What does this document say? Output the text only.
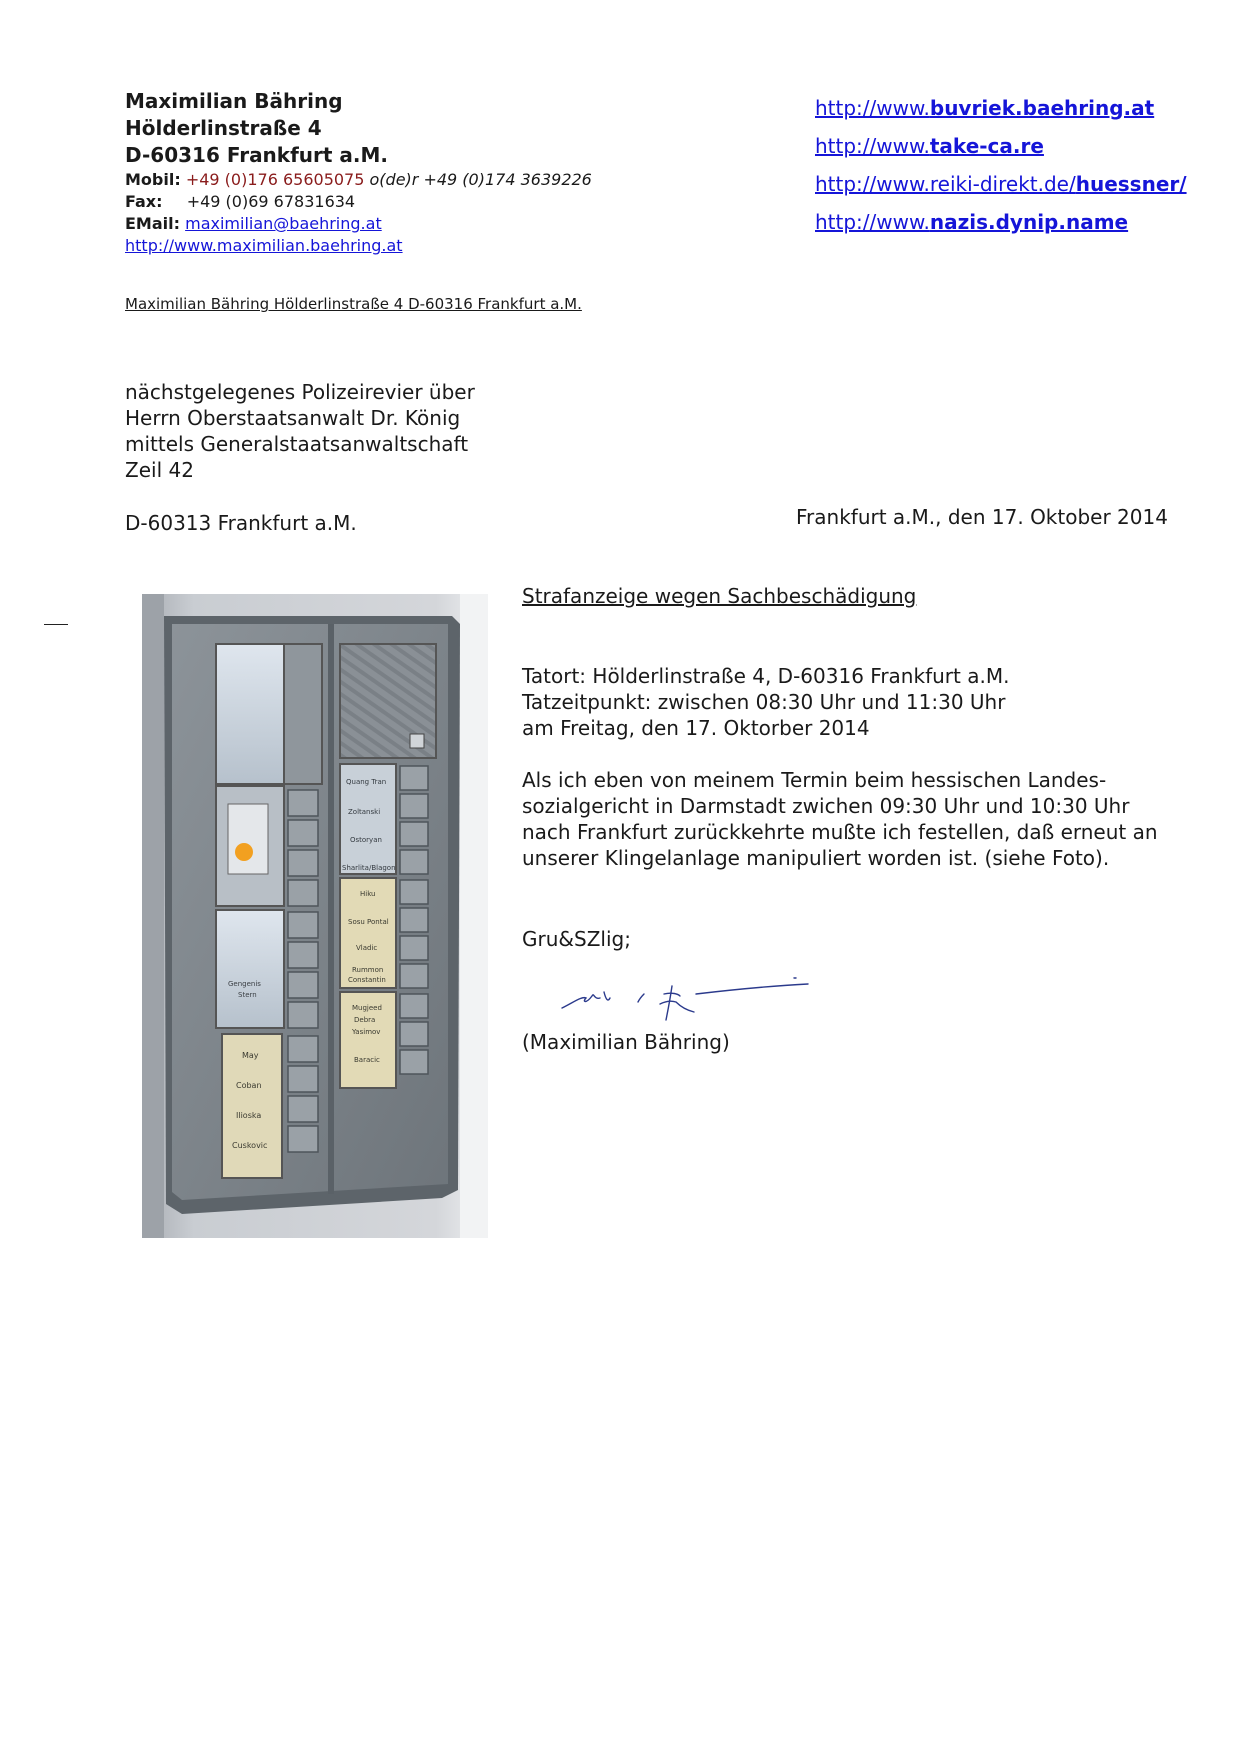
Maximilian Bähring
Hölderlinstraße 4
D-60316 Frankfurt a.M.
Mobil: +49 (0)176 65605075 o(de)r +49 (0)174 3639226
Fax: +49 (0)69 67831634
EMail: maximilian@baehring.at
http://www.maximilian.baehring.at
http://www.buvriek.baehring.at
http://www.take-ca.re
http://www.reiki-direkt.de/huessner/
http://www.nazis.dynip.name
Maximilian Bähring Hölderlinstraße 4 D-60316 Frankfurt a.M.
nächstgelegenes Polizeirevier über
Herrn Oberstaatsanwalt Dr. König
mittels Generalstaatsanwaltschaft
Zeil 42
D-60313 Frankfurt a.M.	Frankfurt a.M., den 17. Oktober 2014
Gengenis
Stern
May
Coban
Ilioska
Cuskovic
Quang Tran
Zoltanski
Ostoryan
Sharlita/Blagon
Hiku
Sosu Pontal
Vladic
Rummon
Constantin
Mugjeed
Debra
Yasimov
Baracic
Strafanzeige wegen Sachbeschädigung

Tatort: Hölderlinstraße 4, D-60316 Frankfurt a.M.

Tatzeitpunkt: zwischen 08:30 Uhr und 11:30 Uhr

am Freitag, den 17. Oktorber 2014

Als ich eben von meinem Termin beim hessischen Landes-

sozialgericht in Darmstadt zwichen 09:30 Uhr und 10:30 Uhr

nach Frankfurt zurückkehrte mußte ich festellen, daß erneut an

unserer Klingelanlage manipuliert worden ist. (siehe Foto).

Gru&SZlig;
(Maximilian Bähring)
